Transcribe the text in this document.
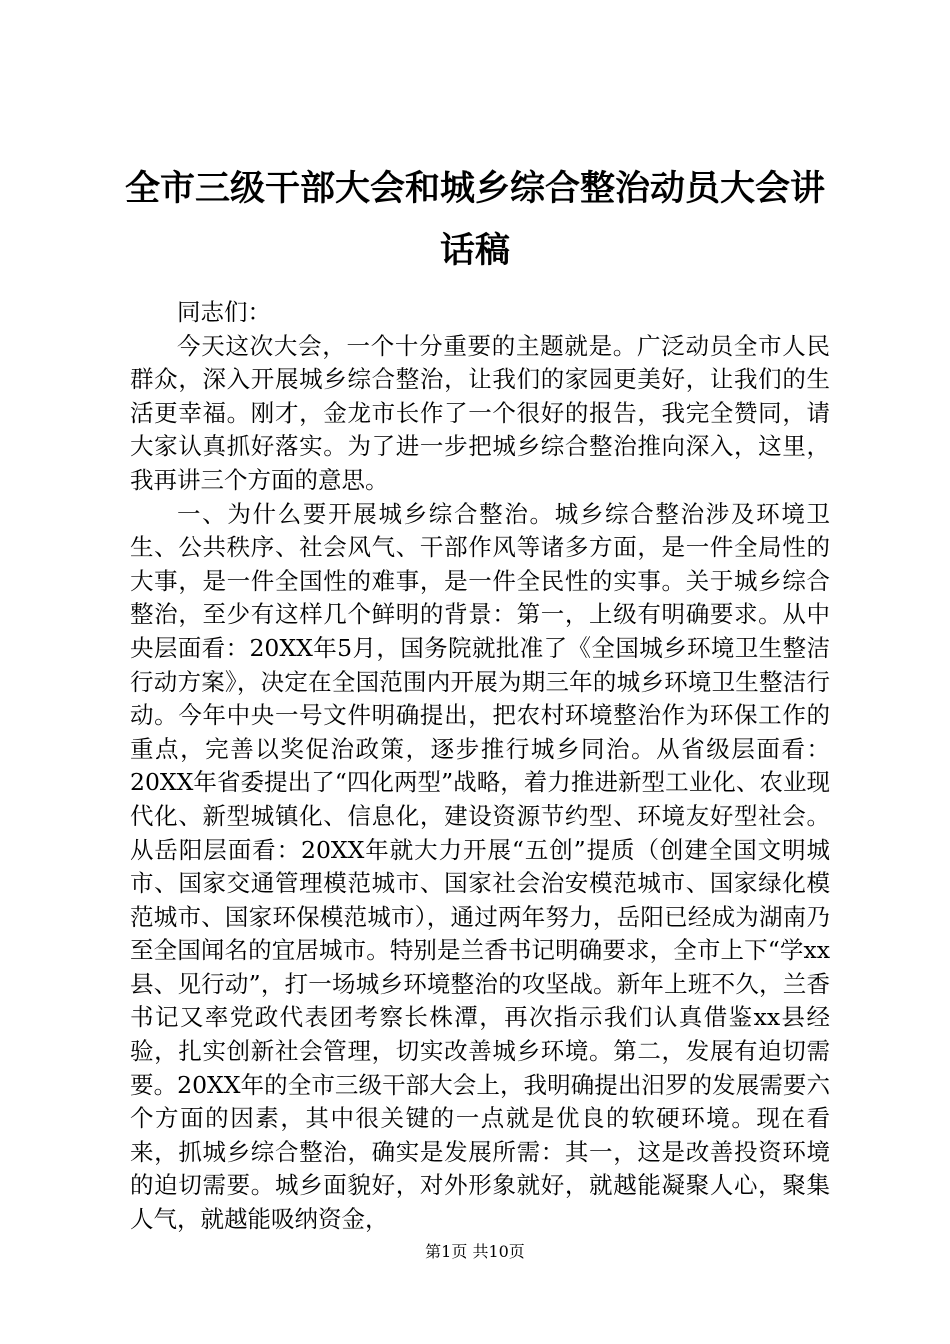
全市三级干部大会和城乡综合整治动员大会讲话稿

同志们：

今天这次大会，一个十分重要的主题就是。广泛动员全市人民群众，深入开展城乡综合整治，让我们的家园更美好，让我们的生活更幸福。刚才，金龙市长作了一个很好的报告，我完全赞同，请大家认真抓好落实。为了进一步把城乡综合整治推向深入，这里，我再讲三个方面的意思。

一、为什么要开展城乡综合整治。城乡综合整治涉及环境卫生、公共秩序、社会风气、干部作风等诸多方面，是一件全局性的大事，是一件全国性的难事，是一件全民性的实事。关于城乡综合整治，至少有这样几个鲜明的背景：第一，上级有明确要求。从中央层面看：20XX年5月，国务院就批准了《全国城乡环境卫生整洁行动方案》，决定在全国范围内开展为期三年的城乡环境卫生整洁行动。今年中央一号文件明确提出，把农村环境整治作为环保工作的重点，完善以奖促治政策，逐步推行城乡同治。从省级层面看：20XX年省委提出了“四化两型”战略，着力推进新型工业化、农业现代化、新型城镇化、信息化，建设资源节约型、环境友好型社会。从岳阳层面看：20XX年就大力开展“五创”提质（创建全国文明城市、国家交通管理模范城市、国家社会治安模范城市、国家绿化模范城市、国家环保模范城市），通过两年努力，岳阳已经成为湖南乃至全国闻名的宜居城市。特别是兰香书记明确要求，全市上下“学xx县、见行动”，打一场城乡环境整治的攻坚战。新年上班不久，兰香书记又率党政代表团考察长株潭，再次指示我们认真借鉴xx县经验，扎实创新社会管理，切实改善城乡环境。第二，发展有迫切需要。20XX年的全市三级干部大会上，我明确提出汨罗的发展需要六个方面的因素，其中很关键的一点就是优良的软硬环境。现在看来，抓城乡综合整治，确实是发展所需：其一，这是改善投资环境的迫切需要。城乡面貌好，对外形象就好，就越能凝聚人心，聚集人气，就越能吸纳资金，

第1页 共10页
